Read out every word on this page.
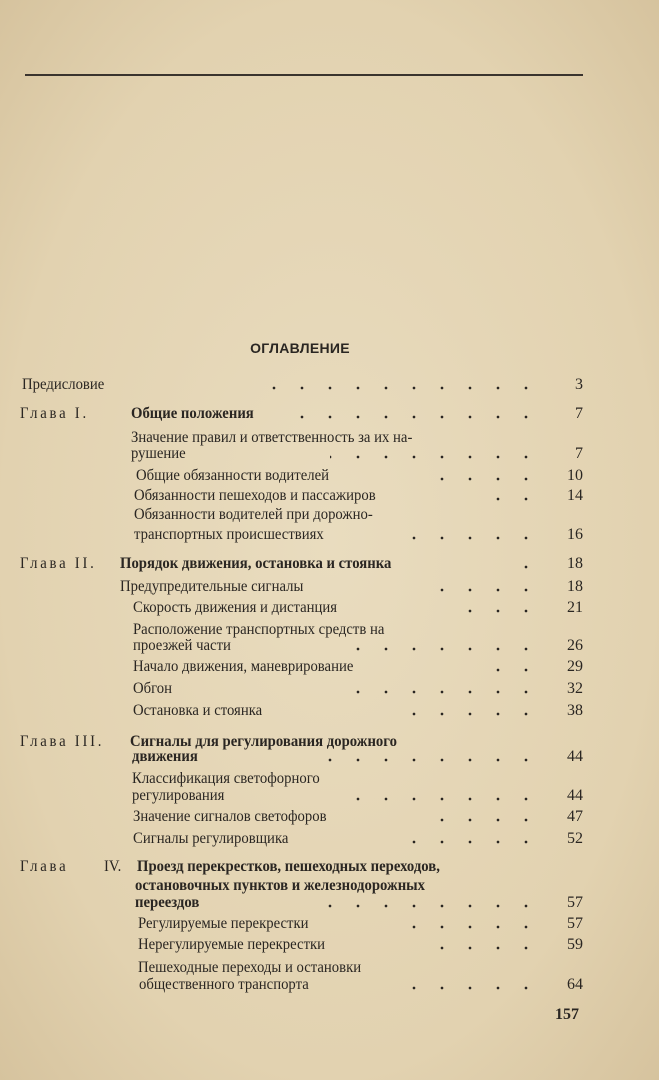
ОГЛАВЛЕНИЕ
Предисловие	3
Глава I.	Общие положения	7
Значение правил и ответственность за их на-
рушение	7
Общие обязанности водителей	10
Обязанности пешеходов и пассажиров	14
Обязанности водителей при дорожно-
транспортных происшествиях	16
Глава II. Порядок движения, остановка и стоянка	18
Предупредительные сигналы	18
Скорость движения и дистанция	21
Расположение транспортных средств на
проезжей части	26
Начало движения, маневрирование	29
Обгон	32
Остановка и стоянка	38
Глава III. Сигналы для регулирования дорожного
движения	44
Классификация светофорного
регулирования	44
Значение сигналов светофоров	47
Сигналы регулировщика	52
Глава IV. Проезд перекрестков, пешеходных переходов,
остановочных пунктов и железнодорожных
переездов	57
Регулируемые перекрестки	57
Нерегулируемые перекрестки	59
Пешеходные переходы и остановки
общественного транспорта	64
157
